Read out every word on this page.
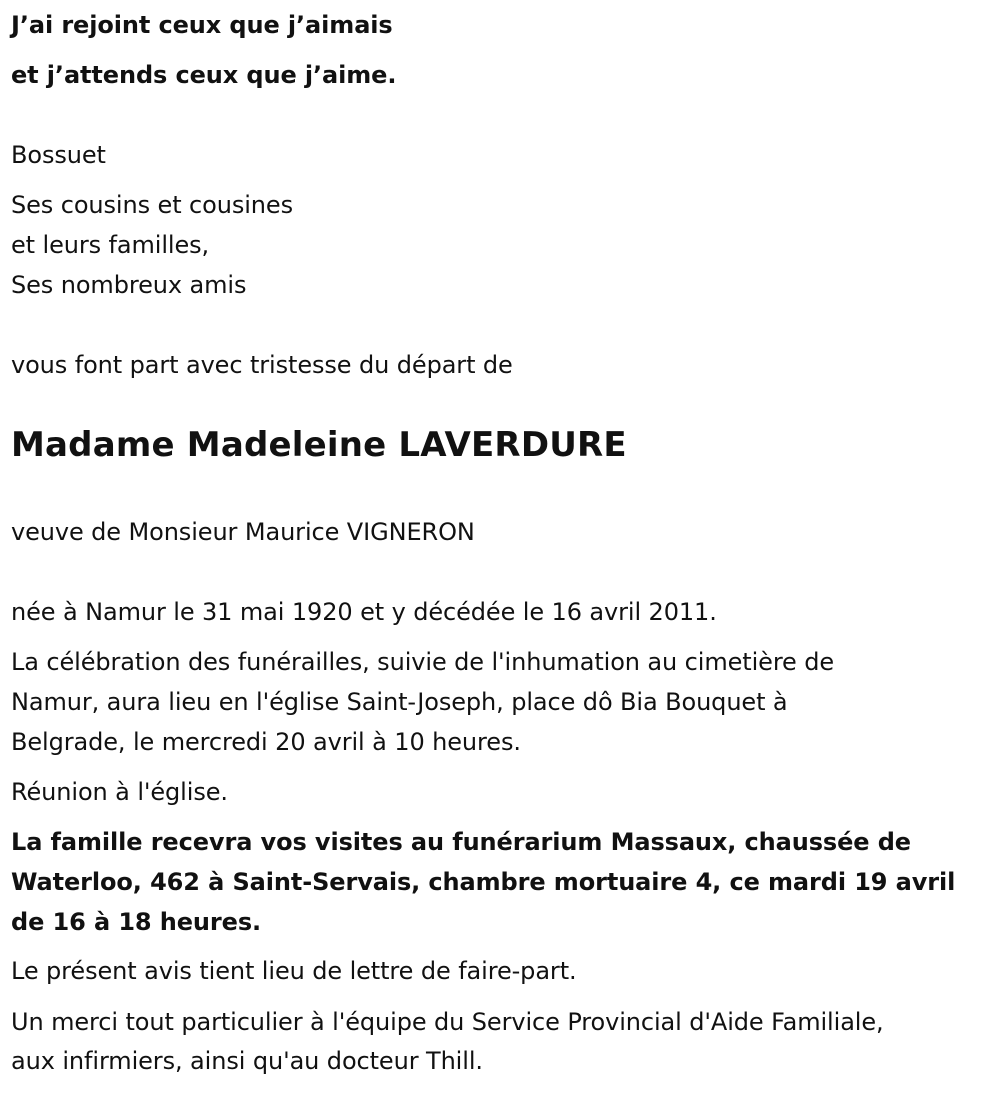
J’ai rejoint ceux que j’aimais
et j’attends ceux que j’aime.
Bossuet
Ses cousins et cousines
et leurs familles,
Ses nombreux amis
vous font part avec tristesse du départ de
Madame Madeleine LAVERDURE
veuve de Monsieur Maurice VIGNERON
née à Namur le 31 mai 1920 et y décédée le 16 avril 2011.
La célébration des funérailles, suivie de l'inhumation au cimetière de
Namur, aura lieu en l'église Saint-Joseph, place dô Bia Bouquet à
Belgrade, le mercredi 20 avril à 10 heures.
Réunion à l'église.
La famille recevra vos visites au funérarium Massaux, chaussée de
Waterloo, 462 à Saint-Servais, chambre mortuaire 4, ce mardi 19 avril
de 16 à 18 heures.
Le présent avis tient lieu de lettre de faire-part.
Un merci tout particulier à l'équipe du Service Provincial d'Aide Familiale,
aux infirmiers, ainsi qu'au docteur Thill.
